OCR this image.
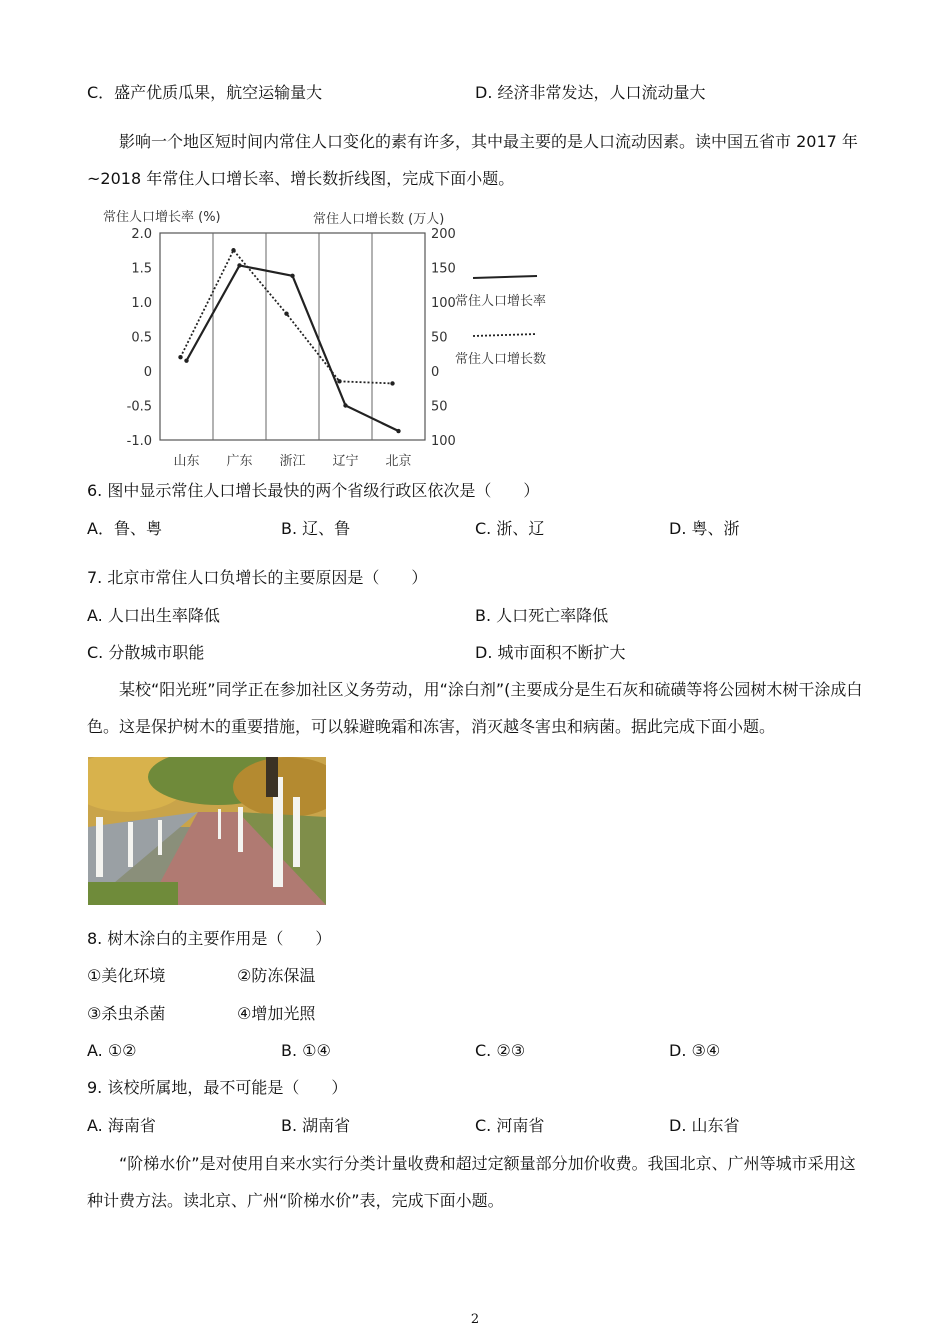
C．盛产优质瓜果，航空运输量大	D. 经济非常发达，人口流动量大
影响一个地区短时间内常住人口变化的素有许多，其中最主要的是人口流动因素。读中国五省市 2017 年~2018 年常住人口增长率、增长数折线图，完成下面小题。
常住人口增长率 (%)	常住人口增长数 (万人)
2.0
1.5
1.0
0.5
0
-0.5
-1.0
200
150
100
50
0
50
100
山东 广东 浙江 辽宁 北京
常住人口增长率
常住人口增长数
6. 图中显示常住人口增长最快的两个省级行政区依次是（　　）
A．鲁、粤	B. 辽、鲁	C. 浙、辽	D. 粤、浙
7. 北京市常住人口负增长的主要原因是（　　）
A. 人口出生率降低	B. 人口死亡率降低
C. 分散城市职能	D. 城市面积不断扩大
某校“阳光班”同学正在参加社区义务劳动，用“涂白剂”(主要成分是生石灰和硫磺等将公园树木树干涂成白色。这是保护树木的重要措施，可以躲避晚霜和冻害，消灭越冬害虫和病菌。据此完成下面小题。
8. 树木涂白的主要作用是（　　）
①美化环境	②防冻保温
③杀虫杀菌	④增加光照
A. ①②	B. ①④	C. ②③	D. ③④
9. 该校所属地，最不可能是（　　）
A. 海南省	B. 湖南省	C. 河南省	D. 山东省
“阶梯水价”是对使用自来水实行分类计量收费和超过定额量部分加价收费。我国北京、广州等城市采用这种计费方法。读北京、广州“阶梯水价”表，完成下面小题。
2
